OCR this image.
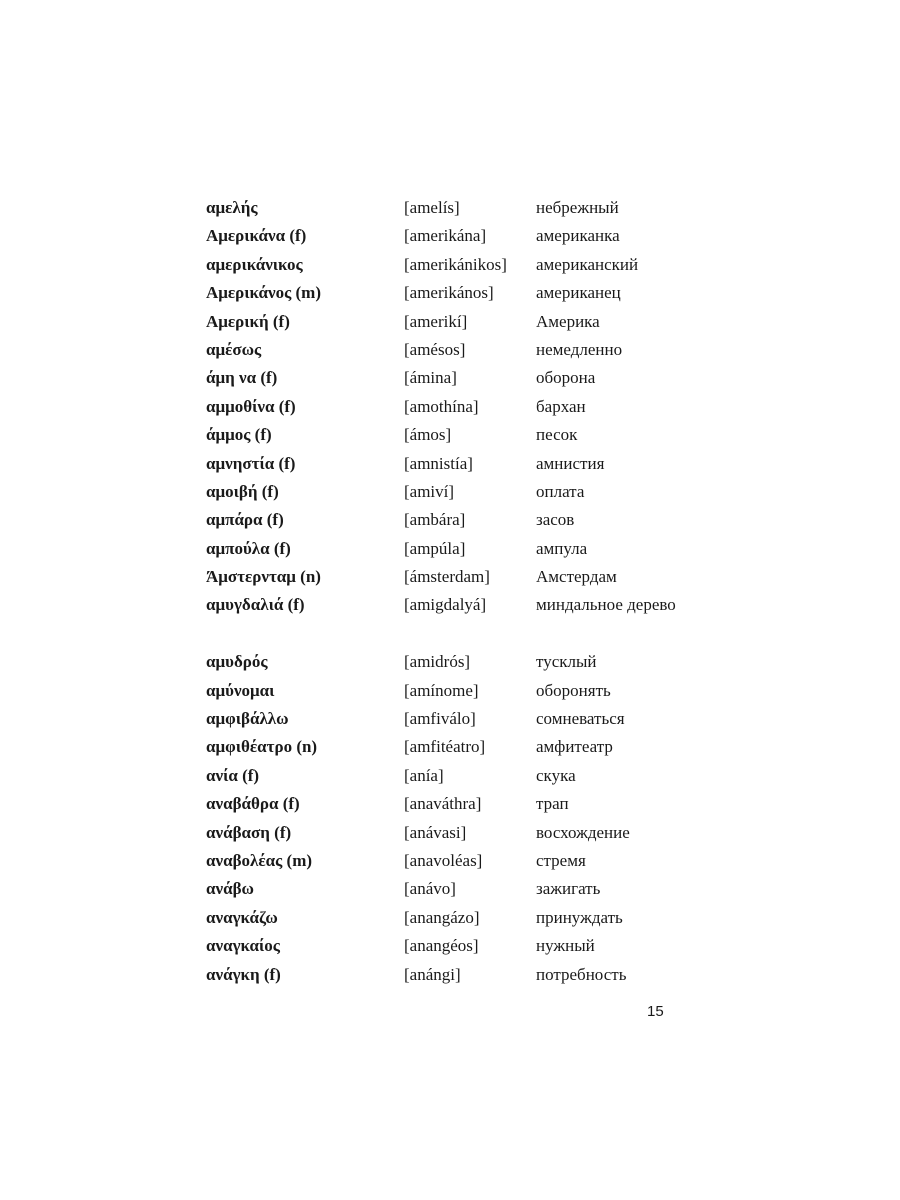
αμελής	[amelís]	небрежный
Αμερικάνα (f)	[amerikána]	американка
αμερικάνικος	[amerikánikos] американский
Αμερικάνος (m)	[amerikános] американец
Αμερική (f)	[amerikí]	Америка
αμέσως	[amésos]	немедленно
άμη να (f)	[ámina]	оборона
αμμοθίνα (f)	[amothína]	бархан
άμμος (f)	[ámos]	песок
αμνηστία (f)	[amnistía]	амнистия
αμοιβή (f)	[amiví]	оплата
αμπάρα (f)	[ambára]	засов
αμπούλα (f)	[ampúla]	ампула
Άμστερνταμ (n)	[ámsterdam]	Амстердам
αμυγδαλιά (f)	[amigdalyá]	миндальное дерево
αμυδρός	[amidrós]	тусклый
αμύνομαι	[amínome]	оборонять
αμφιβάλλω	[amfiválo]	сомневаться
αμφιθέατρο (n)	[amfitéatro]	амфитеатр
ανία (f)	[anía]	скука
αναβάθρα (f)	[anaváthra]	трап
ανάβαση (f)	[anávasi]	восхождение
αναβολέας (m)	[anavoléas]	стремя
ανάβω	[anávo]	зажигать
αναγκάζω	[anangázo]	принуждать
αναγκαίος	[anangéos]	нужный
ανάγκη (f)	[anángi]	потребность
15
